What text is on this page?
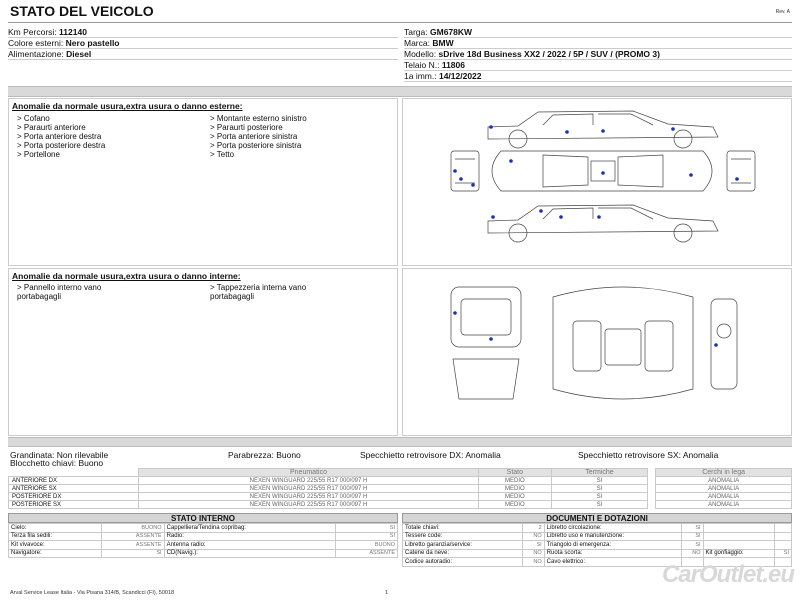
STATO DEL VEICOLO	Rev. A
Km Percorsi: 112140
Colore esterni: Nero pastello
Alimentazione: Diesel
Targa: GM678KW
Marca: BMW
Modello: sDrive 18d Business XX2 / 2022 / 5P / SUV / (PROMO 3)
Telaio N.: 11806
1a imm.: 14/12/2022
Anomalie da normale usura,extra usura o danno esterne:
> Cofano
> Paraurti anteriore
> Porta anteriore destra
> Porta posteriore destra
> Portellone
> Montante esterno sinistro
> Paraurti posteriore
> Porta anteriore sinistra
> Porta posteriore sinistra
> Tetto
Anomalie da normale usura,extra usura o danno interne:
> Pannello interno vano
portabagagli
> Tappezzeria interna vano
portabagagli
Grandinata: Non rilevabile	Parabrezza: Buono	Specchietto retrovisore DX: Anomalia	Specchietto retrovisore SX: Anomalia
Blocchetto chiavi: Buono
	Pneumatico	Stato	Termiche		Cerchi in lega
ANTERIORE DX	NEXEN WINGUARD 225/55 R17 000/097 H	MEDIO	SI		ANOMALIA
ANTERIORE SX	NEXEN WINGUARD 225/55 R17 000/097 H	MEDIO	SI		ANOMALIA
POSTERIORE DX	NEXEN WINGUARD 225/55 R17 000/097 H	MEDIO	SI		ANOMALIA
POSTERIORE SX	NEXEN WINGUARD 225/55 R17 000/097 H	MEDIO	SI		ANOMALIA
STATO INTERNO
Cielo:	BUONO	Cappelliera/Tendina copribag:	SI
Terza fila sedili:	ASSENTE	Radio:	SI
Kit vivavoce:	ASSENTE	Antenna radio:	BUONO
Navigatore:	SI	CD(Navig.):	ASSENTE
DOCUMENTI E DOTAZIONI
Totale chiavi:	2	Libretto circolazione:	SI		
Tessere code:	NO	Libretto uso e manutenzione:	SI		
Libretto garanzia/service:	SI	Triangolo di emergenza:	SI		
Catene da neve:	NO	Ruota scorta:	NO	Kit gonfiaggio:	SI
Codice autoradio:	NO	Cavo elettrico:			
Arval Service Lease Italia - Via Pisana 314/B, Scandicci (FI), 50018	1
CarOutlet.eu
